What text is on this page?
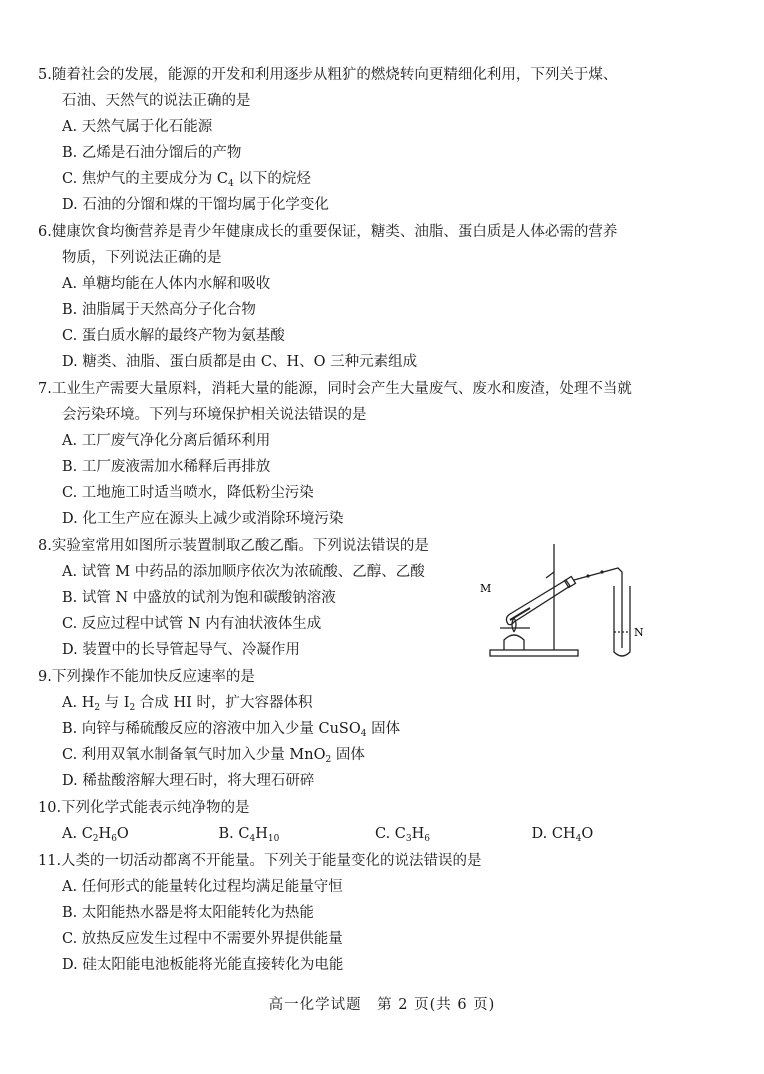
5.随着社会的发展，能源的开发和利用逐步从粗犷的燃烧转向更精细化利用，下列关于煤、
石油、天然气的说法正确的是
A. 天然气属于化石能源
B. 乙烯是石油分馏后的产物
C. 焦炉气的主要成分为 $C_4$ 以下的烷烃
D. 石油的分馏和煤的干馏均属于化学变化
6.健康饮食均衡营养是青少年健康成长的重要保证，糖类、油脂、蛋白质是人体必需的营养
物质，下列说法正确的是
A. 单糖均能在人体内水解和吸收
B. 油脂属于天然高分子化合物
C. 蛋白质水解的最终产物为氨基酸
D. 糖类、油脂、蛋白质都是由 C、H、O 三种元素组成
7.工业生产需要大量原料，消耗大量的能源，同时会产生大量废气、废水和废渣，处理不当就
会污染环境。下列与环境保护相关说法错误的是
A. 工厂废气净化分离后循环利用
B. 工厂废液需加水稀释后再排放
C. 工地施工时适当喷水，降低粉尘污染
D. 化工生产应在源头上减少或消除环境污染
8.实验室常用如图所示装置制取乙酸乙酯。下列说法错误的是
A. 试管 M 中药品的添加顺序依次为浓硫酸、乙醇、乙酸
B. 试管 N 中盛放的试剂为饱和碳酸钠溶液
C. 反应过程中试管 N 内有油状液体生成
D. 装置中的长导管起导气、冷凝作用
M
N
9.下列操作不能加快反应速率的是
A. $H_2$ 与 $I_2$ 合成 HI 时，扩大容器体积
B. 向锌与稀硫酸反应的溶液中加入少量 CuSO$_4$ 固体
C. 利用双氧水制备氧气时加入少量 MnO$_2$ 固体
D. 稀盐酸溶解大理石时，将大理石研碎
10.下列化学式能表示纯净物的是
A. $C_2H_6O$	B. $C_4H_{10}$	C. $C_3H_6$	D. $CH_4O$
11.人类的一切活动都离不开能量。下列关于能量变化的说法错误的是
A. 任何形式的能量转化过程均满足能量守恒
B. 太阳能热水器是将太阳能转化为热能
C. 放热反应发生过程中不需要外界提供能量
D. 硅太阳能电池板能将光能直接转化为电能
高一化学试题　第 2 页(共 6 页)
